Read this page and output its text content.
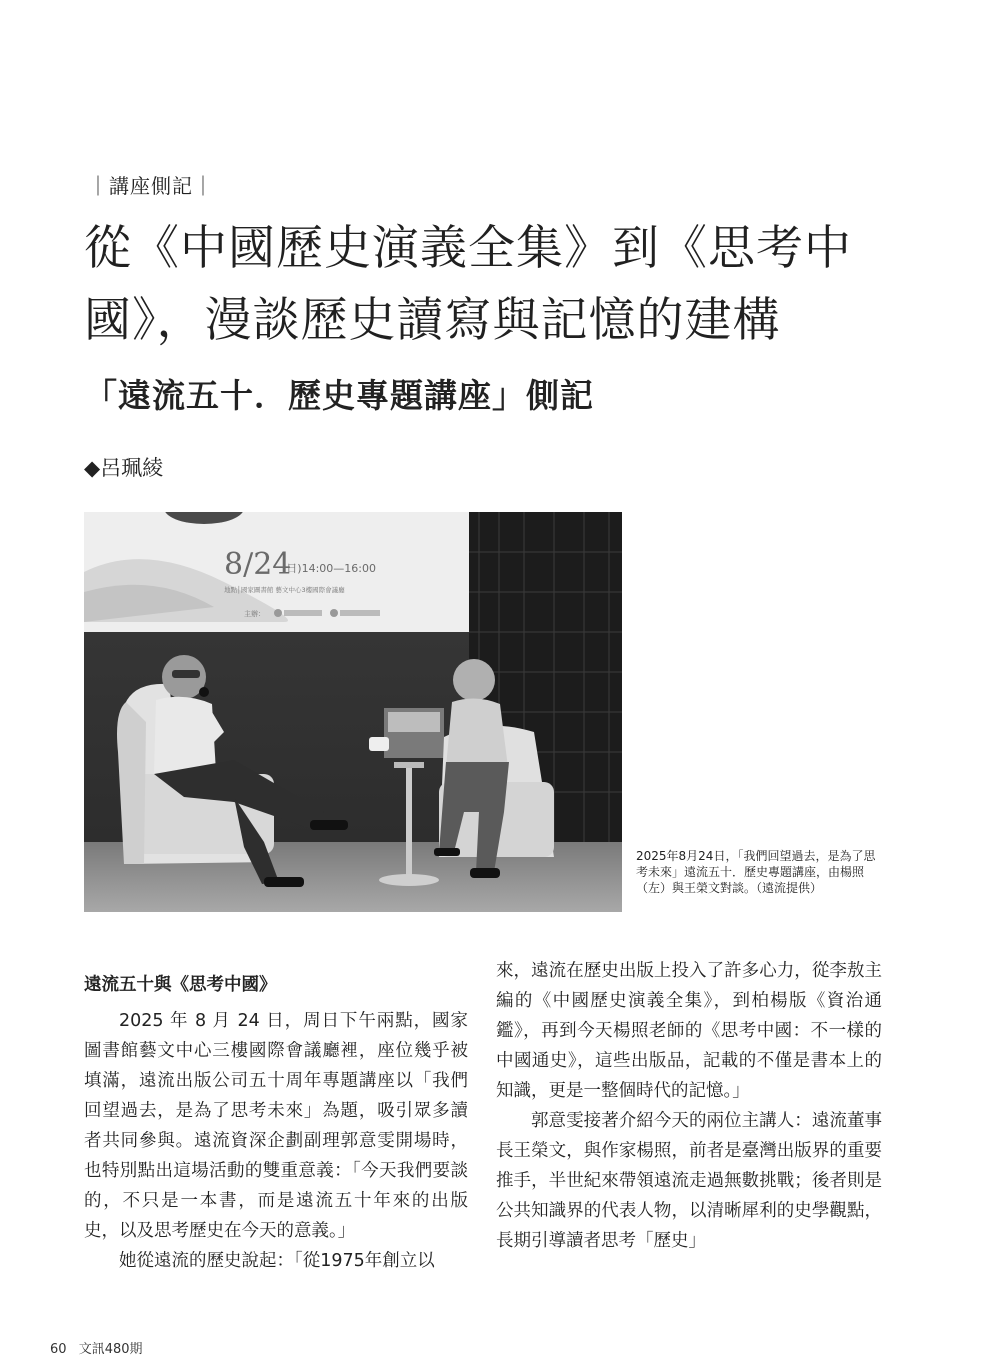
｜講座側記｜
從《中國歷史演義全集》到《思考中
國》，漫談歷史讀寫與記憶的建構
「遠流五十．歷史專題講座」側記
◆呂珮綾
8/24
(日)14:00—16:00
地點│國家圖書館 藝文中心3樓國際會議廳
主辦：
2025年8月24日，「我們回望過去，是為了思考未來」遠流五十．歷史專題講座，由楊照（左）與王榮文對談。（遠流提供）

遠流五十與《思考中國》

2025 年 8 月 24 日，周日下午兩點，國家圖書館藝文中心三樓國際會議廳裡，座位幾乎被填滿，遠流出版公司五十周年專題講座以「我們回望過去，是為了思考未來」為題，吸引眾多讀者共同參與。遠流資深企劃副理郭意雯開場時，也特別點出這場活動的雙重意義：「今天我們要談的，不只是一本書，而是遠流五十年來的出版史，以及思考歷史在今天的意義。」

她從遠流的歷史說起：「從1975年創立以

來，遠流在歷史出版上投入了許多心力，從李敖主編的《中國歷史演義全集》，到柏楊版《資治通鑑》，再到今天楊照老師的《思考中國：不一樣的中國通史》，這些出版品，記載的不僅是書本上的知識，更是一整個時代的記憶。」

郭意雯接著介紹今天的兩位主講人：遠流董事長王榮文，與作家楊照，前者是臺灣出版界的重要推手，半世紀來帶領遠流走過無數挑戰；後者則是公共知識界的代表人物，以清晰犀利的史學觀點，長期引導讀者思考「歷史」

60 文訊480期
